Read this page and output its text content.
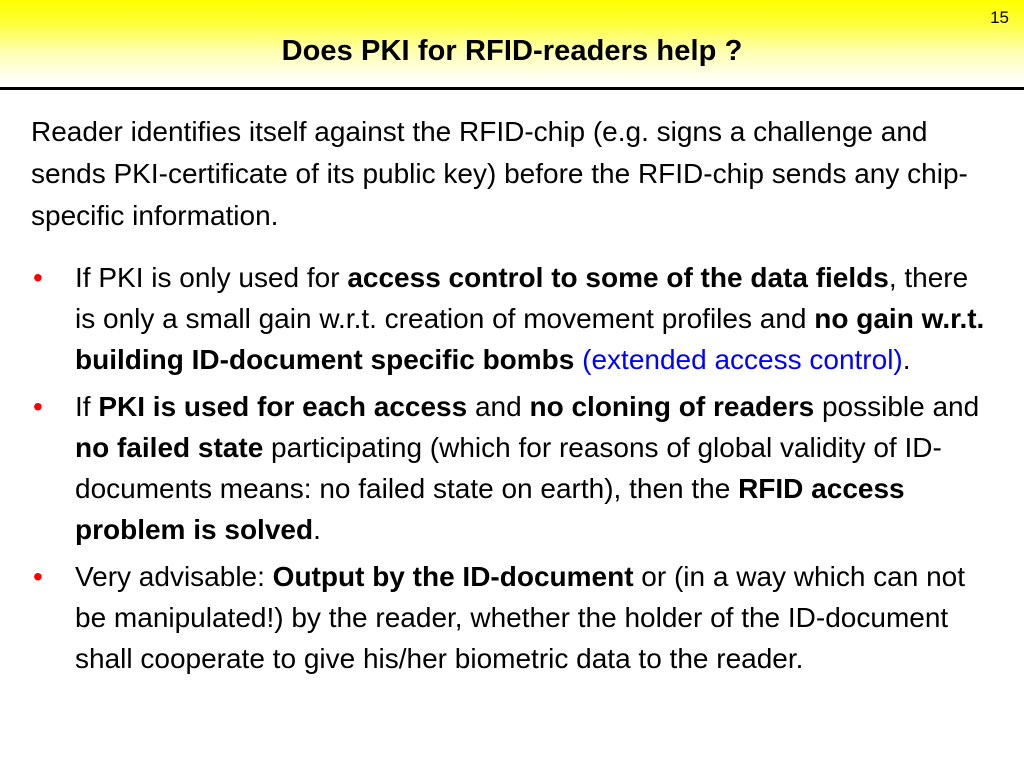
15
Does PKI for RFID-readers help ?

Reader identifies itself against the RFID-chip (e.g. signs a challenge and sends PKI-certificate of its public key) before the RFID-chip sends any chip-specific information.

• If PKI is only used for access control to some of the data fields, there is only a small gain w.r.t. creation of movement profiles and no gain w.r.t. building ID-document specific bombs (extended access control).
• If PKI is used for each access and no cloning of readers possible and no failed state participating (which for reasons of global validity of ID-documents means: no failed state on earth), then the RFID access problem is solved.
• Very advisable: Output by the ID-document or (in a way which can not be manipulated!) by the reader, whether the holder of the ID-document shall cooperate to give his/her biometric data to the reader.
